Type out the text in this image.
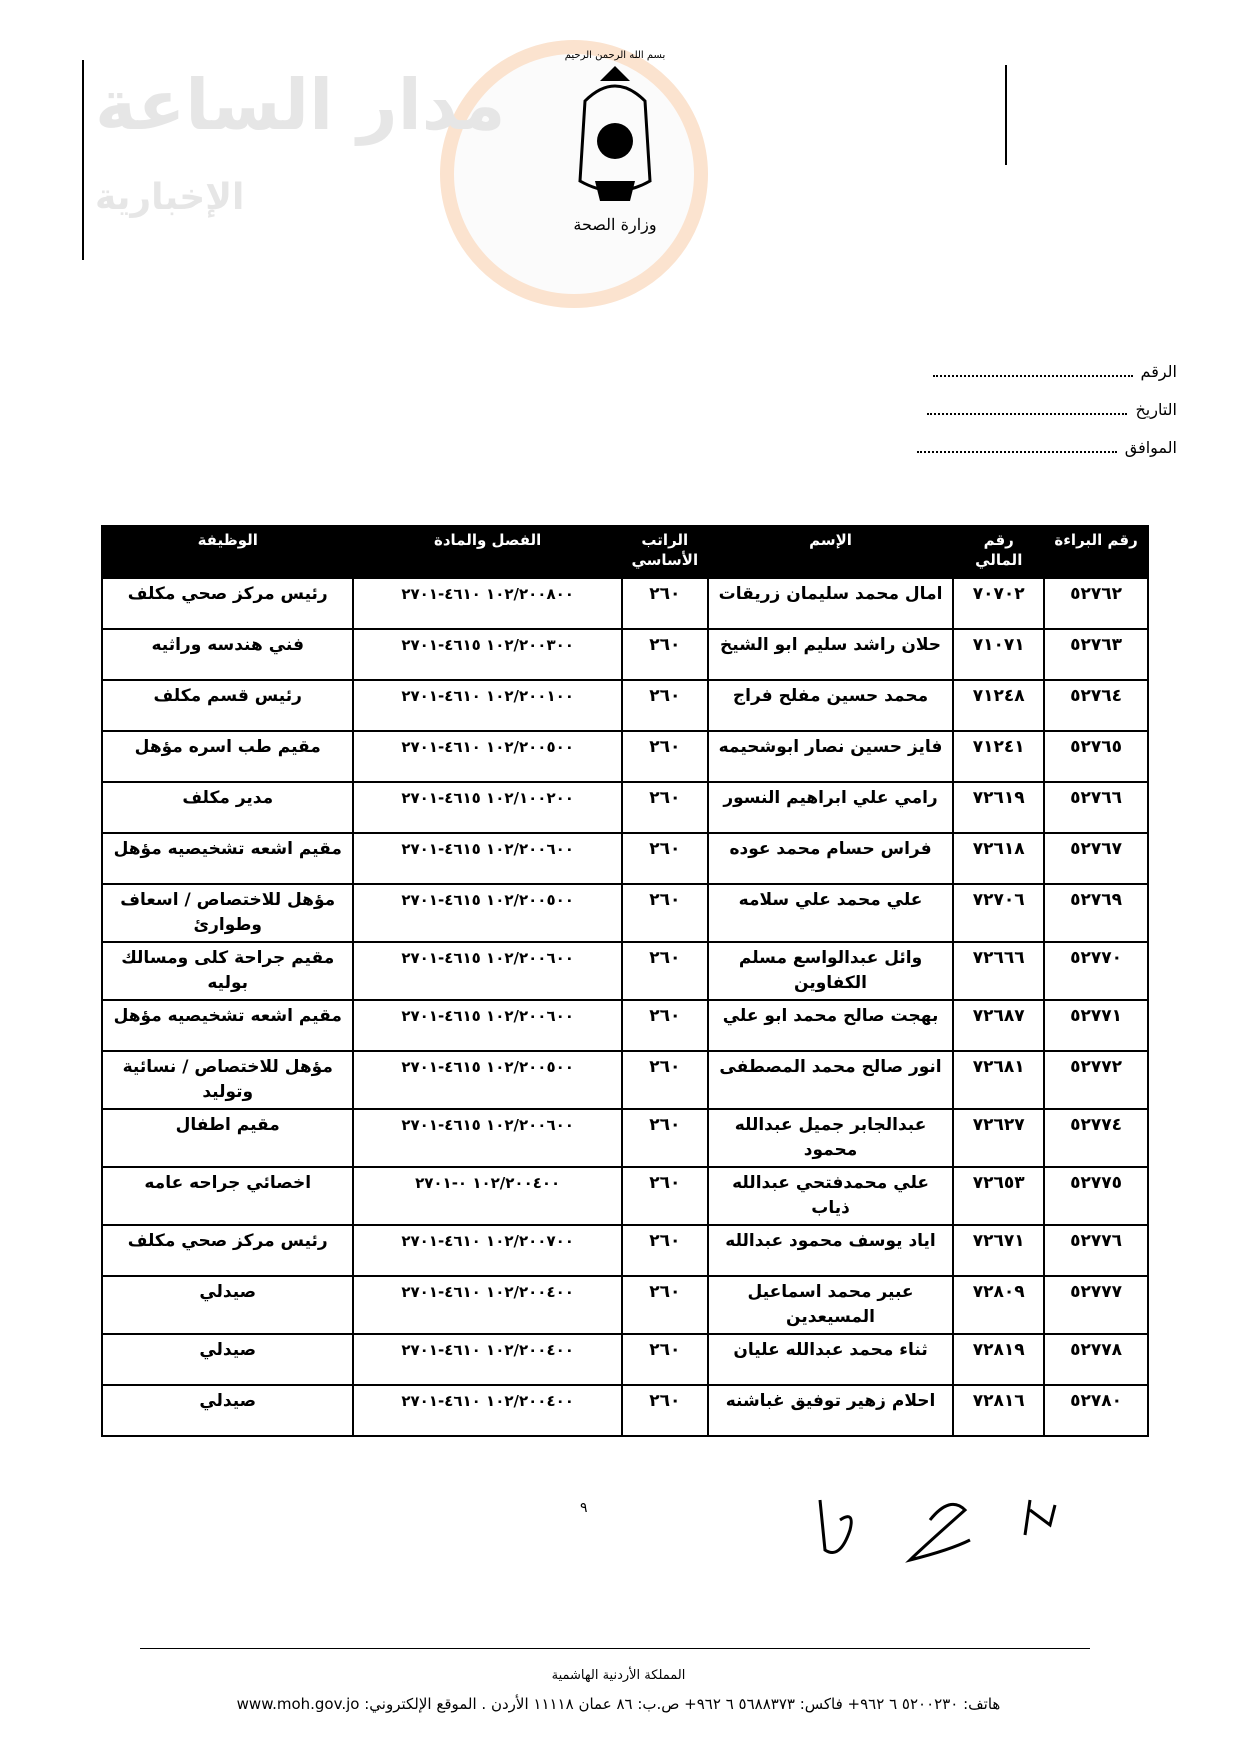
مدار الساعة
الإخبارية
بسم الله الرحمن الرحيم
وزارة الصحة
الرقم
التاريخ
الموافق
رقم البراءة	رقم المالي	الإسم	الراتب الأساسي	الفصل والمادة	الوظيفة
٥٢٧٦٢	٧٠٧٠٢	امال محمد سليمان زريقات	٢٦٠	١٠٢/٢٠٠٨٠٠ ٤٦١٠-٢٧٠١	رئيس مركز صحي مكلف
٥٢٧٦٣	٧١٠٧١	حلان راشد سليم ابو الشيخ	٢٦٠	١٠٢/٢٠٠٣٠٠ ٤٦١٥-٢٧٠١	فني هندسه وراثيه
٥٢٧٦٤	٧١٢٤٨	محمد حسين مفلح فراج	٢٦٠	١٠٢/٢٠٠١٠٠ ٤٦١٠-٢٧٠١	رئيس قسم مكلف
٥٢٧٦٥	٧١٢٤١	فايز حسين نصار ابوشحيمه	٢٦٠	١٠٢/٢٠٠٥٠٠ ٤٦١٠-٢٧٠١	مقيم طب اسره مؤهل
٥٢٧٦٦	٧٢٦١٩	رامي علي ابراهيم النسور	٢٦٠	١٠٢/١٠٠٢٠٠ ٤٦١٥-٢٧٠١	مدير مكلف
٥٢٧٦٧	٧٢٦١٨	فراس حسام محمد عوده	٢٦٠	١٠٢/٢٠٠٦٠٠ ٤٦١٥-٢٧٠١	مقيم اشعه تشخيصيه مؤهل
٥٢٧٦٩	٧٢٧٠٦	علي محمد علي سلامه	٢٦٠	١٠٢/٢٠٠٥٠٠ ٤٦١٥-٢٧٠١	مؤهل للاختصاص / اسعاف وطوارئ
٥٢٧٧٠	٧٢٦٦٦	وائل عبدالواسع مسلم الكفاوين	٢٦٠	١٠٢/٢٠٠٦٠٠ ٤٦١٥-٢٧٠١	مقيم جراحة كلى ومسالك بوليه
٥٢٧٧١	٧٢٦٨٧	بهجت صالح محمد ابو علي	٢٦٠	١٠٢/٢٠٠٦٠٠ ٤٦١٥-٢٧٠١	مقيم اشعه تشخيصيه مؤهل
٥٢٧٧٢	٧٢٦٨١	انور صالح محمد المصطفى	٢٦٠	١٠٢/٢٠٠٥٠٠ ٤٦١٥-٢٧٠١	مؤهل للاختصاص / نسائية وتوليد
٥٢٧٧٤	٧٢٦٢٧	عبدالجابر جميل عبدالله محمود	٢٦٠	١٠٢/٢٠٠٦٠٠ ٤٦١٥-٢٧٠١	مقيم اطفال
٥٢٧٧٥	٧٢٦٥٣	علي محمدفتحي عبدالله ذياب	٢٦٠	١٠٢/٢٠٠٤٠٠ ٠-٢٧٠١	اخصائي جراحه عامه
٥٢٧٧٦	٧٢٦٧١	اياد يوسف محمود عبدالله	٢٦٠	١٠٢/٢٠٠٧٠٠ ٤٦١٠-٢٧٠١	رئيس مركز صحي مكلف
٥٢٧٧٧	٧٢٨٠٩	عبير محمد اسماعيل المسيعدين	٢٦٠	١٠٢/٢٠٠٤٠٠ ٤٦١٠-٢٧٠١	صيدلي
٥٢٧٧٨	٧٢٨١٩	ثناء محمد عبدالله عليان	٢٦٠	١٠٢/٢٠٠٤٠٠ ٤٦١٠-٢٧٠١	صيدلي
٥٢٧٨٠	٧٢٨١٦	احلام زهير توفيق غباشنه	٢٦٠	١٠٢/٢٠٠٤٠٠ ٤٦١٠-٢٧٠١	صيدلي
٩
المملكة الأردنية الهاشمية
هاتف: ٥٢٠٠٢٣٠ ٦ ٩٦٢+ فاكس: ٥٦٨٨٣٧٣ ٦ ٩٦٢+ ص.ب: ٨٦ عمان ١١١١٨ الأردن . الموقع الإلكتروني: www.moh.gov.jo
